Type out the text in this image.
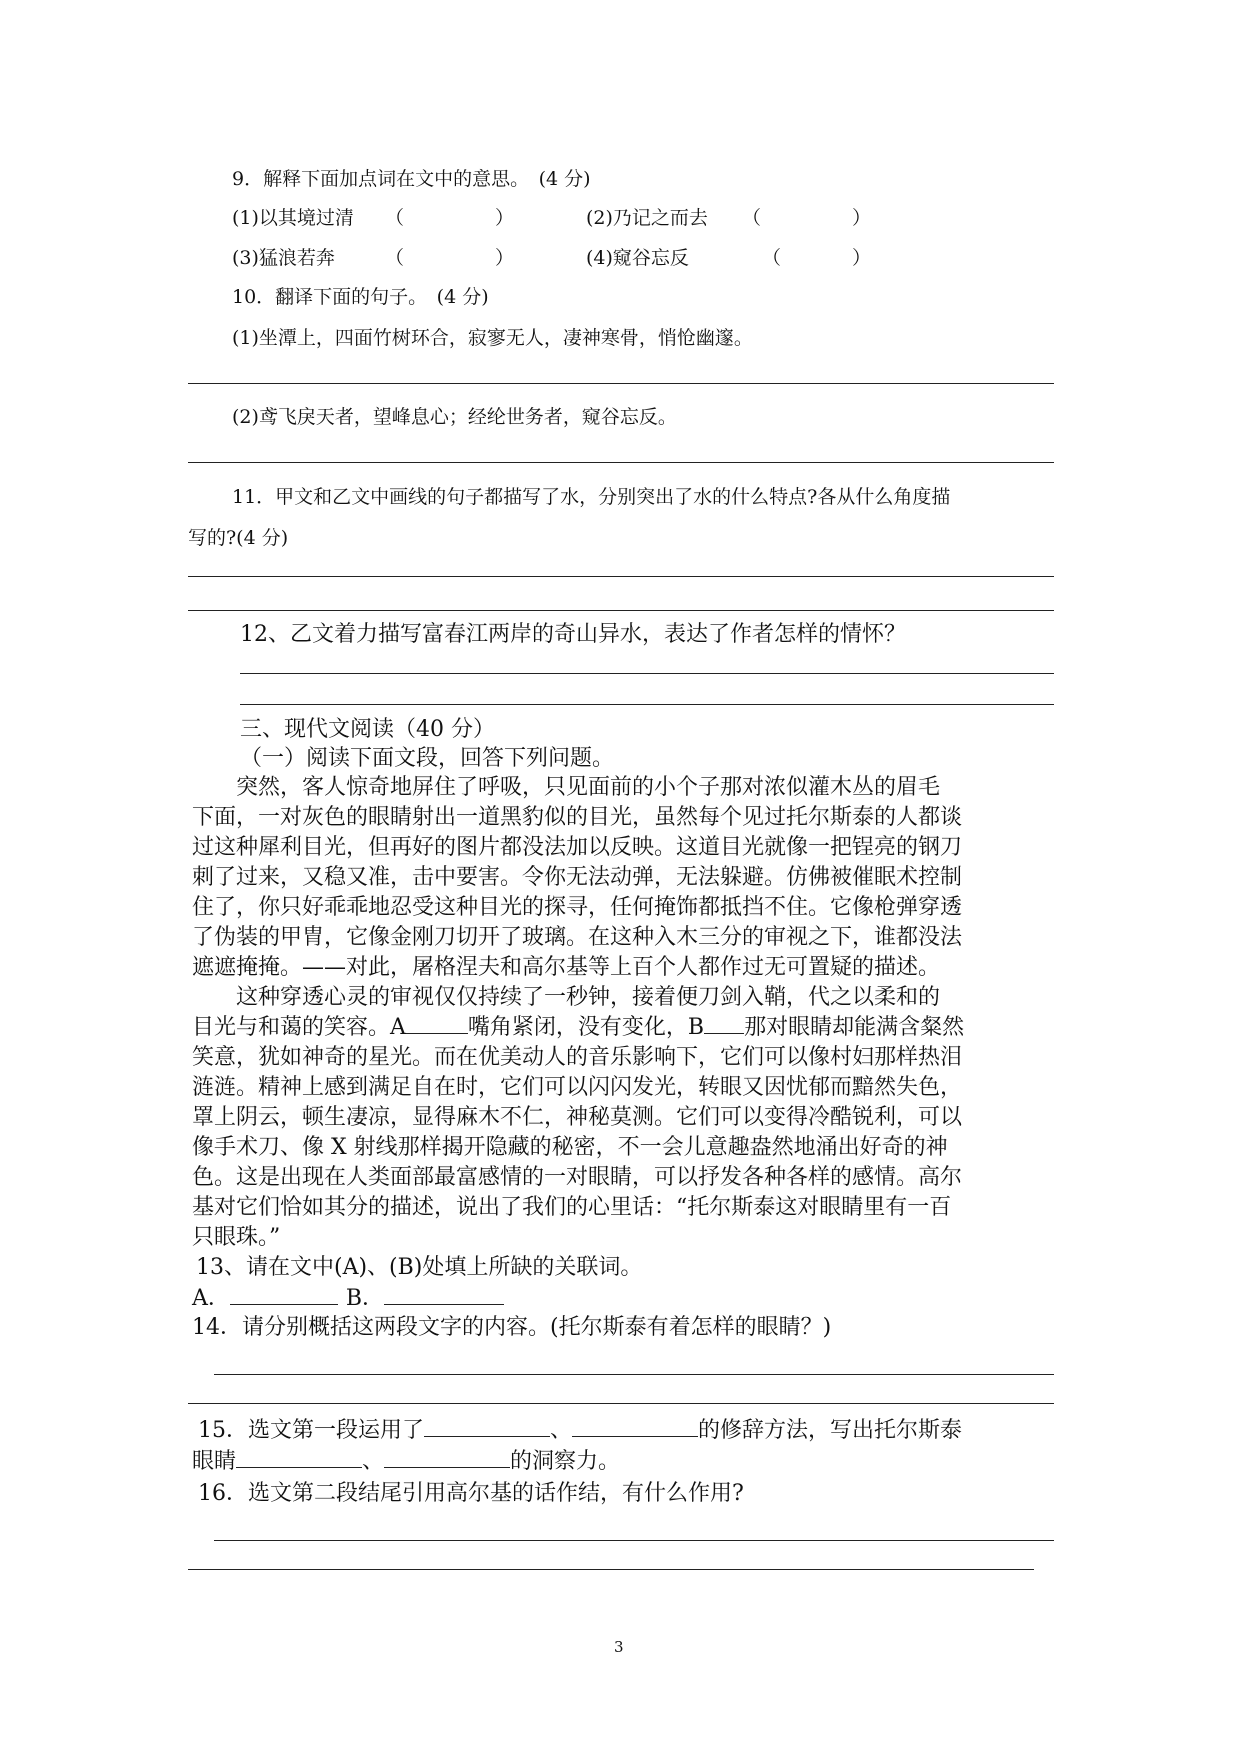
9．解释下面加点词在文中的意思。　(4 分)
(1)以其境过清 （	）	(2)乃记之而去 （	）
(3)猛浪若奔	（	）	(4)窥谷忘反	（	）
10．翻译下面的句子。　(4 分)
(1)坐潭上，四面竹树环合，寂寥无人，凄神寒骨，悄怆幽邃。
(2)鸢飞戾天者，望峰息心；经纶世务者，窥谷忘反。
11．甲文和乙文中画线的句子都描写了水，分别突出了水的什么特点?各从什么角度描
写的?(4 分)
12、乙文着力描写富春江两岸的奇山异水，表达了作者怎样的情怀？
三、现代文阅读（40 分）
（一）阅读下面文段，回答下列问题。
　　突然，客人惊奇地屏住了呼吸，只见面前的小个子那对浓似灌木丛的眉毛
下面，一对灰色的眼睛射出一道黑豹似的目光，虽然每个见过托尔斯泰的人都谈
过这种犀利目光，但再好的图片都没法加以反映。这道目光就像一把锃亮的钢刀
刺了过来，又稳又准，击中要害。令你无法动弹，无法躲避。仿佛被催眠术控制
住了，你只好乖乖地忍受这种目光的探寻，任何掩饰都抵挡不住。它像枪弹穿透
了伪装的甲胄，它像金刚刀切开了玻璃。在这种入木三分的审视之下，谁都没法
遮遮掩掩。——对此，屠格涅夫和高尔基等上百个人都作过无可置疑的描述。
　　这种穿透心灵的审视仅仅持续了一秒钟，接着便刀剑入鞘，代之以柔和的
目光与和蔼的笑容。A	嘴角紧闭，没有变化，B 那对眼睛却能满含粲然
笑意，犹如神奇的星光。而在优美动人的音乐影响下，它们可以像村妇那样热泪
涟涟。精神上感到满足自在时，它们可以闪闪发光，转眼又因忧郁而黯然失色，
罩上阴云，顿生凄凉，显得麻木不仁，神秘莫测。它们可以变得冷酷锐利，可以
像手术刀、像 X 射线那样揭开隐藏的秘密，不一会儿意趣盎然地涌出好奇的神
色。这是出现在人类面部最富感情的一对眼睛，可以抒发各种各样的感情。高尔
基对它们恰如其分的描述，说出了我们的心里话：“托尔斯泰这对眼睛里有一百
只眼珠。”
13、请在文中(A)、(B)处填上所缺的关联词。
A．	B．
14．请分别概括这两段文字的内容。(托尔斯泰有着怎样的眼睛？)
15．选文第一段运用了	、	的修辞方法，写出托尔斯泰
眼睛	、	的洞察力。
16．选文第二段结尾引用高尔基的话作结，有什么作用?
3
